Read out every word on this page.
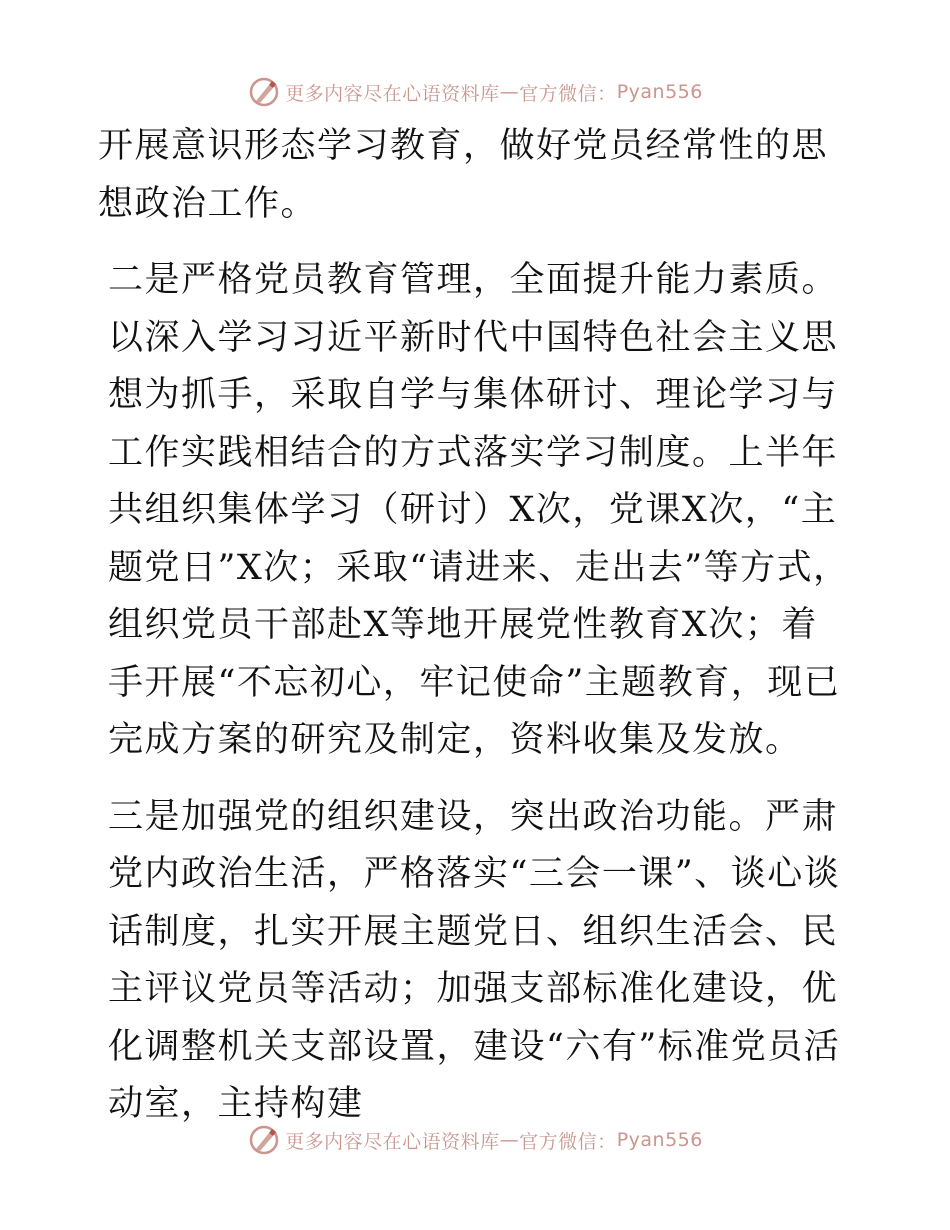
更多内容尽在心语资料库 — 官方微信： Pyan556

开展意识形态学习教育，做好党员经常性的思想政治工作。

二是严格党员教育管理，全面提升能力素质。以深入学习习近平新时代中国特色社会主义思想为抓手，采取自学与集体研讨、理论学习与工作实践相结合的方式落实学习制度。上半年共组织集体学习（研讨）X次，党课X次，“主题党日”X次；采取“请进来、走出去”等方式，组织党员干部赴X等地开展党性教育X次；着手开展“不忘初心，牢记使命”主题教育，现已完成方案的研究及制定，资料收集及发放。

三是加强党的组织建设，突出政治功能。严肃党内政治生活，严格落实“三会一课”、谈心谈话制度，扎实开展主题党日、组织生活会、民主评议党员等活动；加强支部标准化建设，优化调整机关支部设置，建设“六有”标准党员活动室，主持构建

更多内容尽在心语资料库 — 官方微信： Pyan556
